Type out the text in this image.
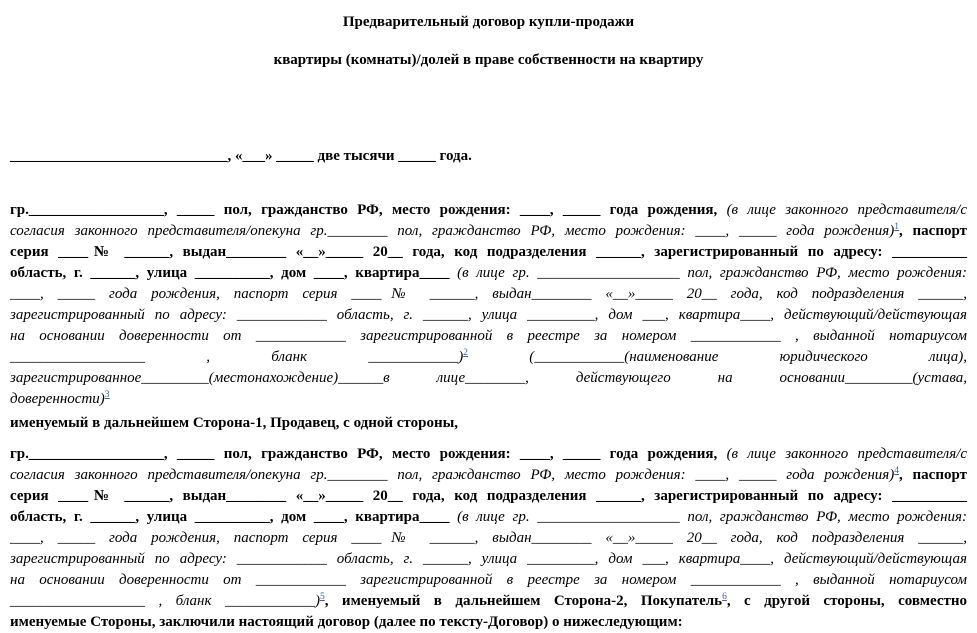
Предварительный договор купли-продажи
квартиры (комнаты)/долей в праве собственности на квартиру
_____________________________, «___» _____ две тысячи _____ года.
гр.__________________, _____ пол, гражданство РФ, место рождения: ____, _____ года рождения, (в лице законного представителя/с
согласия законного представителя/опекуна гр.________ пол, гражданство РФ, место рождения: ____, _____ года рождения)$^1$, паспорт
серия ____№ ______, выдан________ «__»_____ 20__ года, код подразделения ______, зарегистрированный по адресу: __________
область, г. ______, улица __________, дом ____, квартира____ (в лице гр. ___________________ пол, гражданство РФ, место рождения:
____, _____ года рождения, паспорт серия ____№ ______, выдан________ «__»_____ 20__ года, код подразделения ______,
зарегистрированный по адресу: ____________ область, г. ______, улица _________, дом ___, квартира____, действующий/действующая
на основании доверенности от ____________ зарегистрированной в реестре за номером ____________ , выданной нотариусом
__________________ , бланк ____________)$^2$ (____________(наименование юридического лица),
зарегистрированное_________(местонахождение)______в лице________, действующего на основании_________(устава,
доверенности)$^3$
именуемый в дальнейшем Сторона-1, Продавец, с одной стороны,
гр.__________________, _____ пол, гражданство РФ, место рождения: ____, _____ года рождения, (в лице законного представителя/с
согласия законного представителя/опекуна гр.________ пол, гражданство РФ, место рождения: ____, _____ года рождения)$^4$, паспорт
серия ____№ ______, выдан________ «__»_____ 20__ года, код подразделения ______, зарегистрированный по адресу: __________
область, г. ______, улица __________, дом ____, квартира____ (в лице гр. ___________________ пол, гражданство РФ, место рождения:
____, _____ года рождения, паспорт серия ____№ ______, выдан________ «__»_____ 20__ года, код подразделения ______,
зарегистрированный по адресу: ____________ область, г. ______, улица _________, дом ___, квартира____, действующий/действующая
на основании доверенности от ____________ зарегистрированной в реестре за номером ____________ , выданной нотариусом
__________________ , бланк ____________)$^5$, именуемый в дальнейшем Сторона-2, Покупатель$^6$, с другой стороны, совместно
именуемые Стороны, заключили настоящий договор (далее по тексту-Договор) о нижеследующим:
